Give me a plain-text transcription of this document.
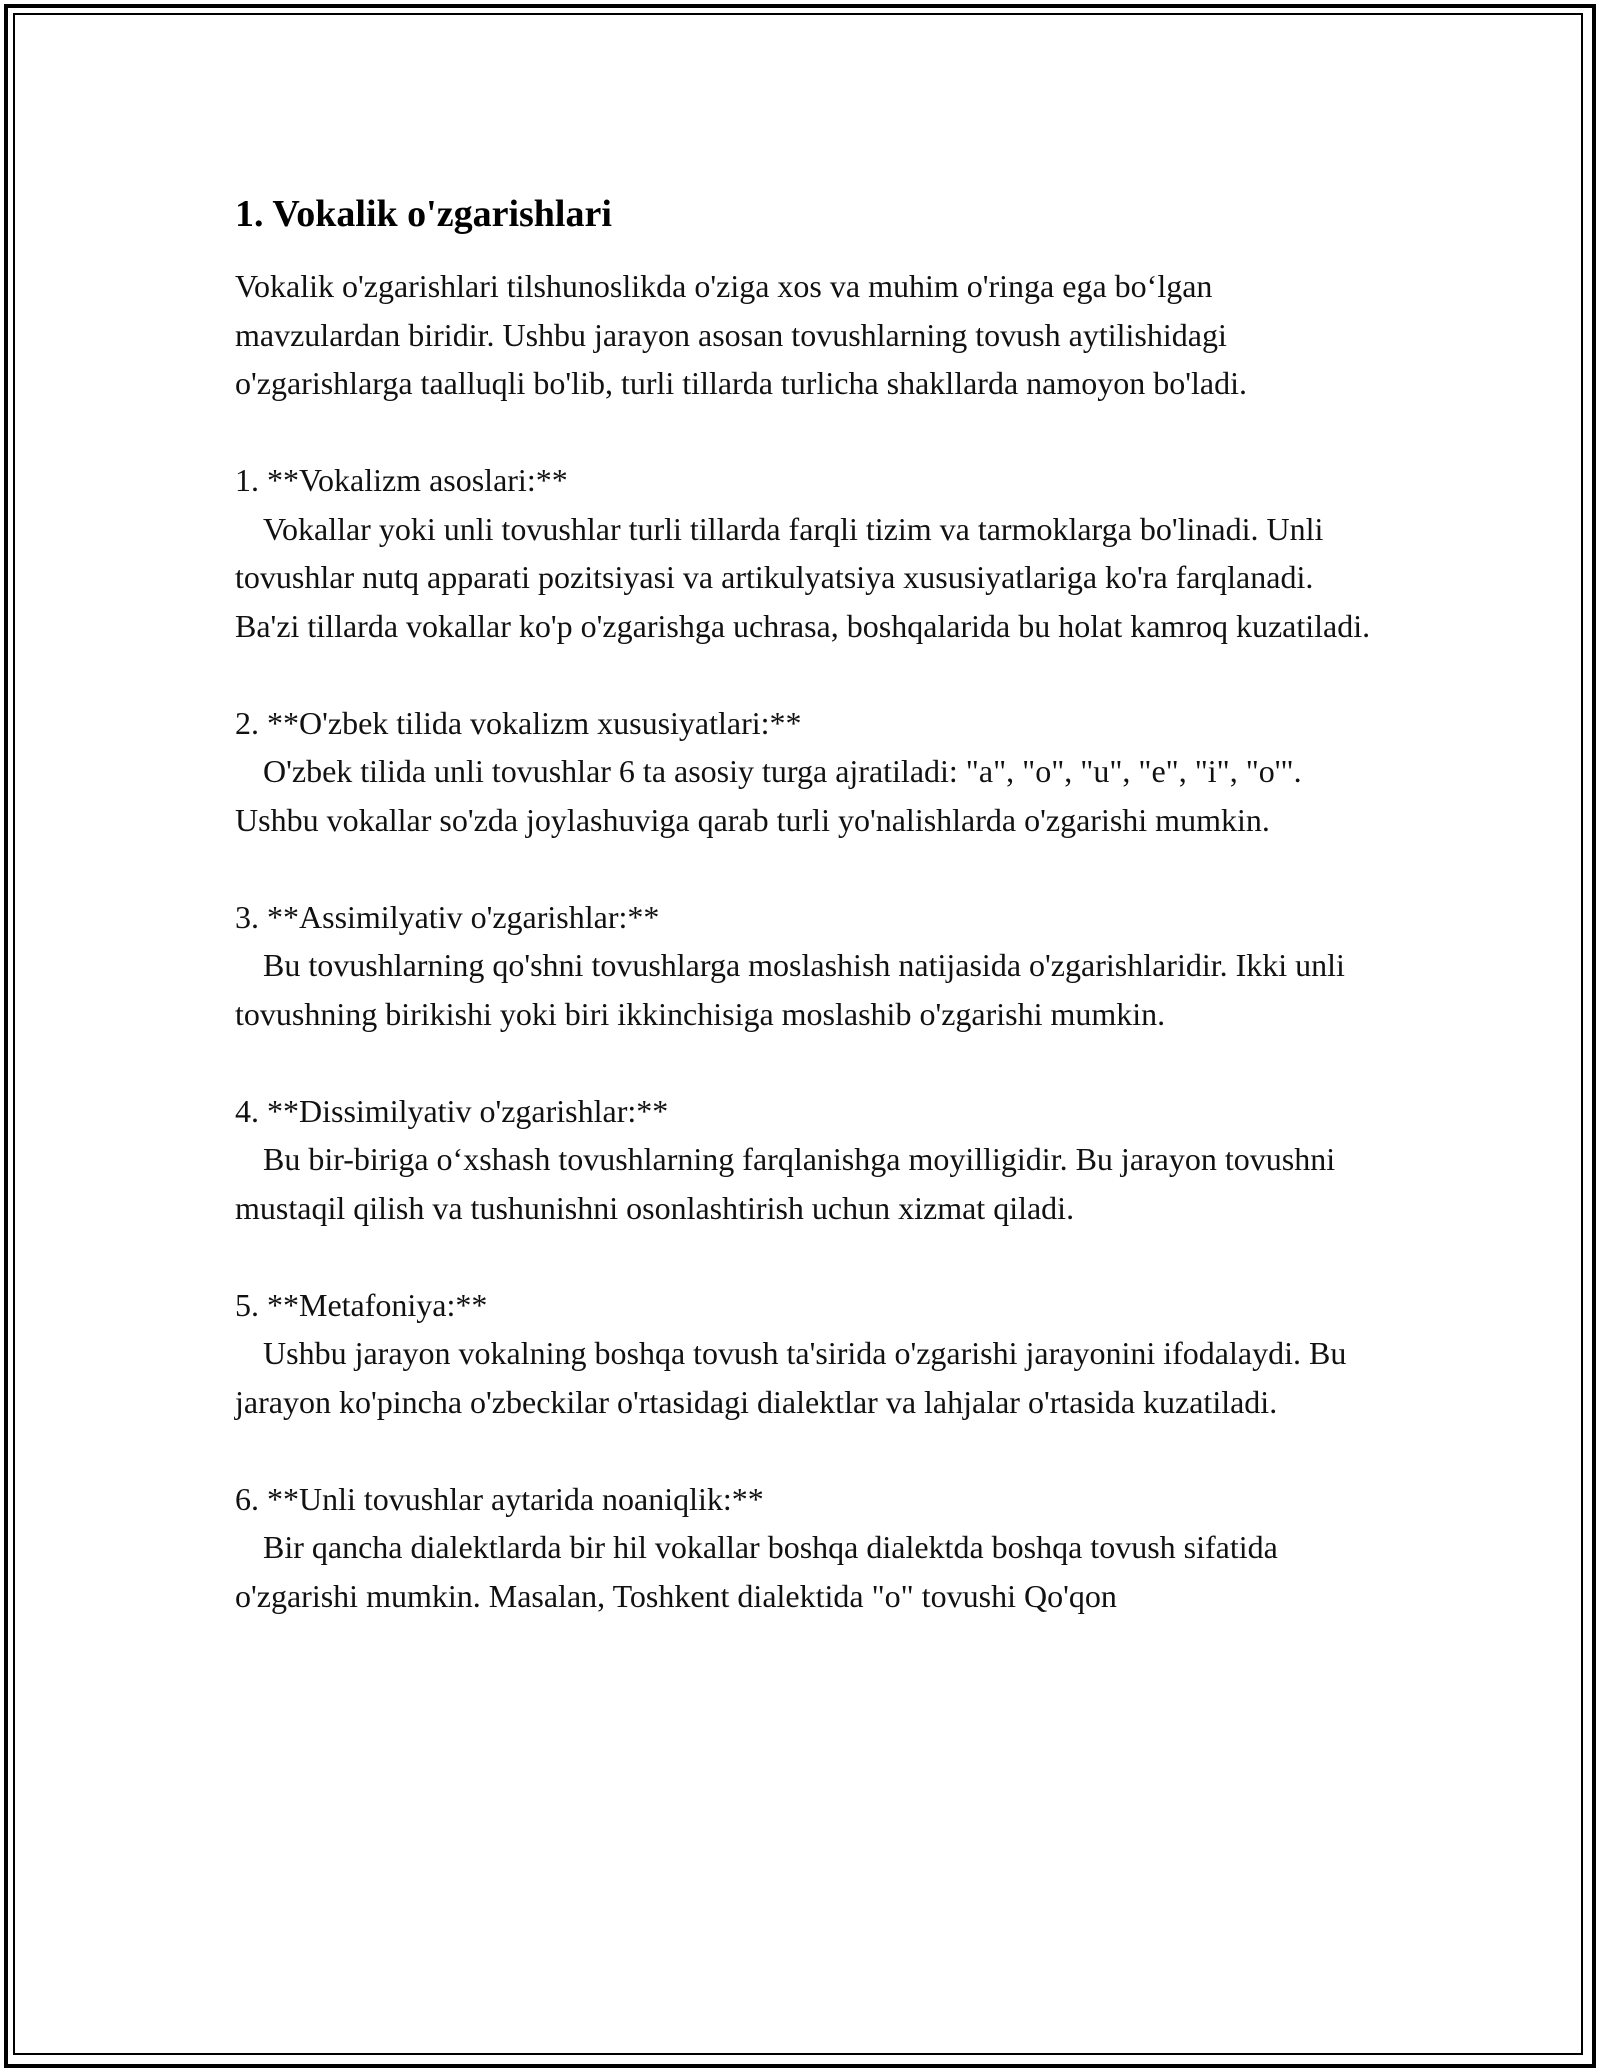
1. Vokalik o'zgarishlari

Vokalik o'zgarishlari tilshunoslikda o'ziga xos va muhim o'ringa ega bo‘lgan mavzulardan biridir. Ushbu jarayon asosan tovushlarning tovush aytilishidagi o'zgarishlarga taalluqli bo'lib, turli tillarda turlicha shakllarda namoyon bo'ladi.

1. **Vokalizm asoslari:**
Vokallar yoki unli tovushlar turli tillarda farqli tizim va tarmoklarga bo'linadi. Unli tovushlar nutq apparati pozitsiyasi va artikulyatsiya xususiyatlariga ko'ra farqlanadi. Ba'zi tillarda vokallar ko'p o'zgarishga uchrasa, boshqalarida bu holat kamroq kuzatiladi.
2. **O'zbek tilida vokalizm xususiyatlari:**
O'zbek tilida unli tovushlar 6 ta asosiy turga ajratiladi: "a", "o", "u", "e", "i", "o'". Ushbu vokallar so'zda joylashuviga qarab turli yo'nalishlarda o'zgarishi mumkin.
3. **Assimilyativ o'zgarishlar:**
Bu tovushlarning qo'shni tovushlarga moslashish natijasida o'zgarishlaridir. Ikki unli tovushning birikishi yoki biri ikkinchisiga moslashib o'zgarishi mumkin.
4. **Dissimilyativ o'zgarishlar:**
Bu bir-biriga o‘xshash tovushlarning farqlanishga moyilligidir. Bu jarayon tovushni mustaqil qilish va tushunishni osonlashtirish uchun xizmat qiladi.
5. **Metafoniya:**
Ushbu jarayon vokalning boshqa tovush ta'sirida o'zgarishi jarayonini ifodalaydi. Bu jarayon ko'pincha o'zbeckilar o'rtasidagi dialektlar va lahjalar o'rtasida kuzatiladi.
6. **Unli tovushlar aytarida noaniqlik:**
Bir qancha dialektlarda bir hil vokallar boshqa dialektda boshqa tovush sifatida o'zgarishi mumkin. Masalan, Toshkent dialektida "o" tovushi Qo'qon
